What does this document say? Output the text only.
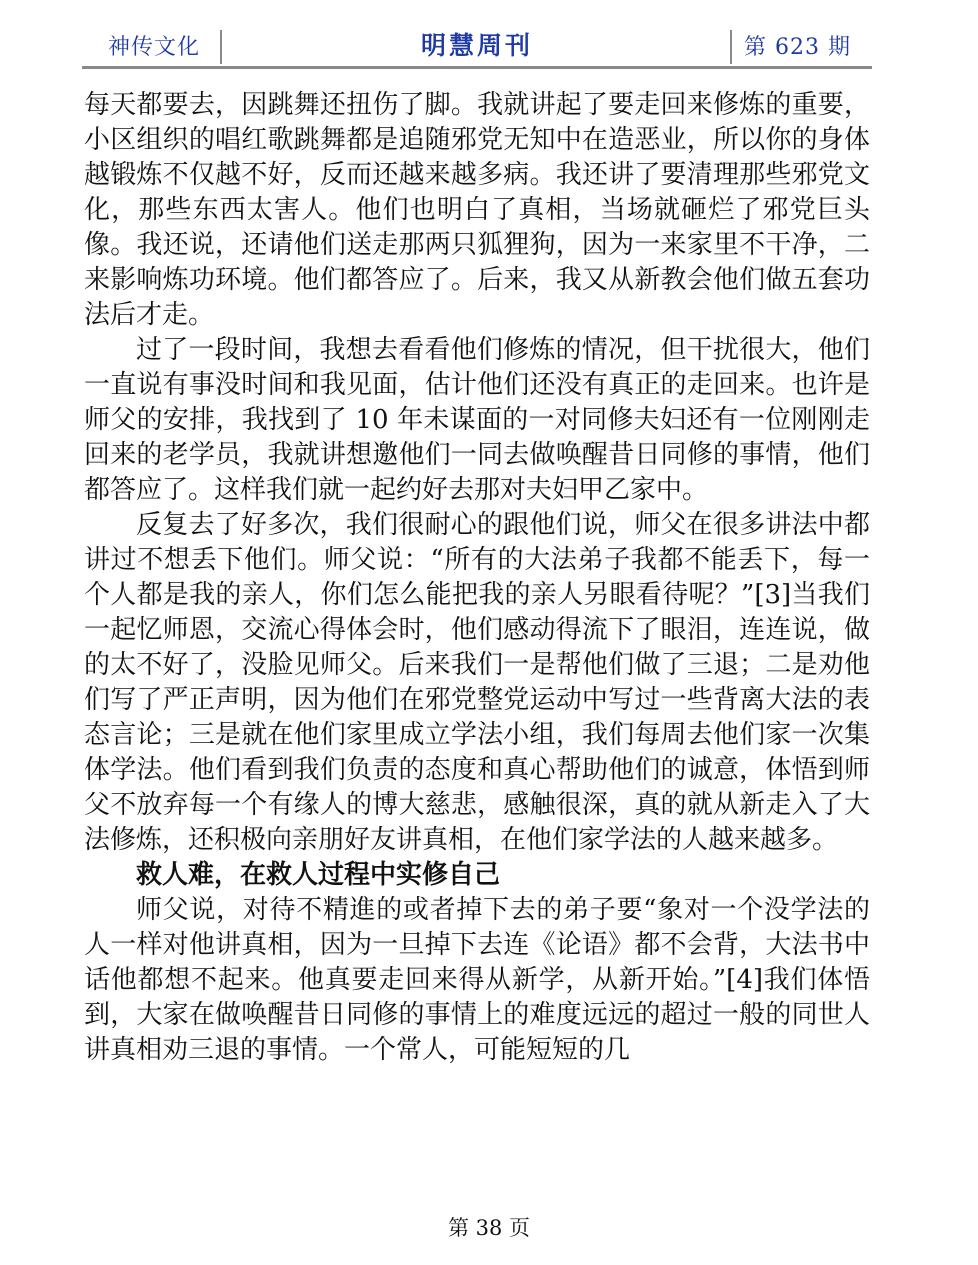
神传文化	明慧周刊	第 623 期

每天都要去，因跳舞还扭伤了脚。我就讲起了要走回来修炼的重要，小区组织的唱红歌跳舞都是追随邪党无知中在造恶业，所以你的身体越锻炼不仅越不好，反而还越来越多病。我还讲了要清理那些邪党文化，那些东西太害人。他们也明白了真相，当场就砸烂了邪党巨头像。我还说，还请他们送走那两只狐狸狗，因为一来家里不干净，二来影响炼功环境。他们都答应了。后来，我又从新教会他们做五套功法后才走。

过了一段时间，我想去看看他们修炼的情况，但干扰很大，他们一直说有事没时间和我见面，估计他们还没有真正的走回来。也许是师父的安排，我找到了 10 年未谋面的一对同修夫妇还有一位刚刚走回来的老学员，我就讲想邀他们一同去做唤醒昔日同修的事情，他们都答应了。这样我们就一起约好去那对夫妇甲乙家中。

反复去了好多次，我们很耐心的跟他们说，师父在很多讲法中都讲过不想丢下他们。师父说：“所有的大法弟子我都不能丢下，每一个人都是我的亲人，你们怎么能把我的亲人另眼看待呢？”[3]当我们一起忆师恩，交流心得体会时，他们感动得流下了眼泪，连连说，做的太不好了，没脸见师父。后来我们一是帮他们做了三退；二是劝他们写了严正声明，因为他们在邪党整党运动中写过一些背离大法的表态言论；三是就在他们家里成立学法小组，我们每周去他们家一次集体学法。他们看到我们负责的态度和真心帮助他们的诚意，体悟到师父不放弃每一个有缘人的博大慈悲，感触很深，真的就从新走入了大法修炼，还积极向亲朋好友讲真相，在他们家学法的人越来越多。

救人难，在救人过程中实修自己

师父说，对待不精進的或者掉下去的弟子要“象对一个没学法的人一样对他讲真相，因为一旦掉下去连《论语》都不会背，大法书中话他都想不起来。他真要走回来得从新学，从新开始。”[4]我们体悟到，大家在做唤醒昔日同修的事情上的难度远远的超过一般的同世人讲真相劝三退的事情。一个常人，可能短短的几

第 38 页
